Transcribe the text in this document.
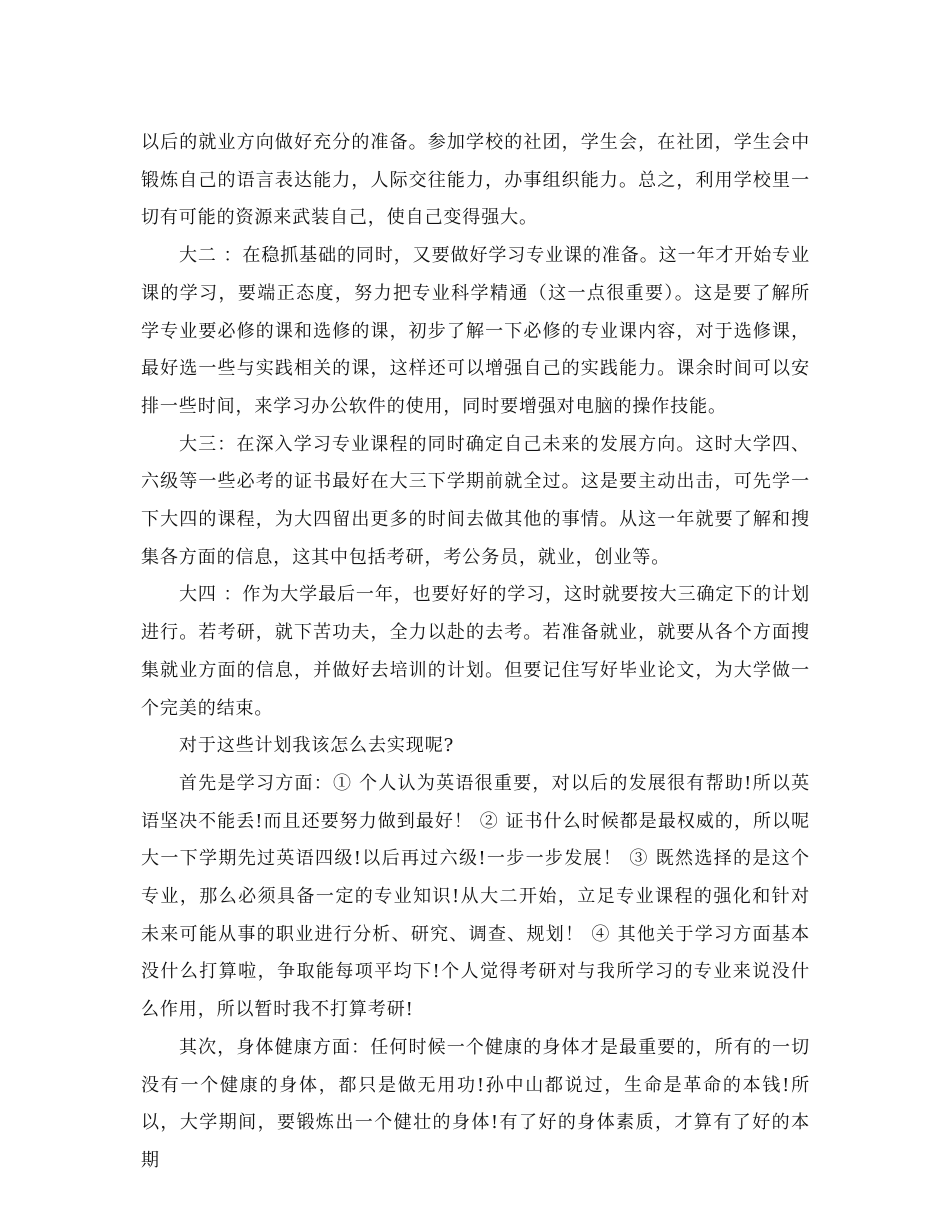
以后的就业方向做好充分的准备。参加学校的社团，学生会，在社团，学生会中锻炼自己的语言表达能力，人际交往能力，办事组织能力。总之，利用学校里一切有可能的资源来武装自己，使自己变得强大。

大二 ：在稳抓基础的同时，又要做好学习专业课的准备。这一年才开始专业课的学习，要端正态度，努力把专业科学精通（这一点很重要）。这是要了解所学专业要必修的课和选修的课，初步了解一下必修的专业课内容，对于选修课，最好选一些与实践相关的课，这样还可以增强自己的实践能力。课余时间可以安排一些时间，来学习办公软件的使用，同时要增强对电脑的操作技能。

大三：在深入学习专业课程的同时确定自己未来的发展方向。这时大学四、六级等一些必考的证书最好在大三下学期前就全过。这是要主动出击，可先学一下大四的课程，为大四留出更多的时间去做其他的事情。从这一年就要了解和搜集各方面的信息，这其中包括考研，考公务员，就业，创业等。

大四 ：作为大学最后一年，也要好好的学习，这时就要按大三确定下的计划进行。若考研，就下苦功夫，全力以赴的去考。若准备就业，就要从各个方面搜集就业方面的信息，并做好去培训的计划。但要记住写好毕业论文，为大学做一个完美的结束。

对于这些计划我该怎么去实现呢?

首先是学习方面：① 个人认为英语很重要，对以后的发展很有帮助!所以英语坚决不能丢!而且还要努力做到最好！ ② 证书什么时候都是最权威的，所以呢大一下学期先过英语四级!以后再过六级!一步一步发展！ ③ 既然选择的是这个专业，那么必须具备一定的专业知识!从大二开始，立足专业课程的强化和针对未来可能从事的职业进行分析、研究、调查、规划！ ④ 其他关于学习方面基本没什么打算啦，争取能每项平均下!个人觉得考研对与我所学习的专业来说没什么作用，所以暂时我不打算考研!

其次，身体健康方面：任何时候一个健康的身体才是最重要的，所有的一切没有一个健康的身体，都只是做无用功!孙中山都说过，生命是革命的本钱!所以，大学期间，要锻炼出一个健壮的身体!有了好的身体素质，才算有了好的本期
